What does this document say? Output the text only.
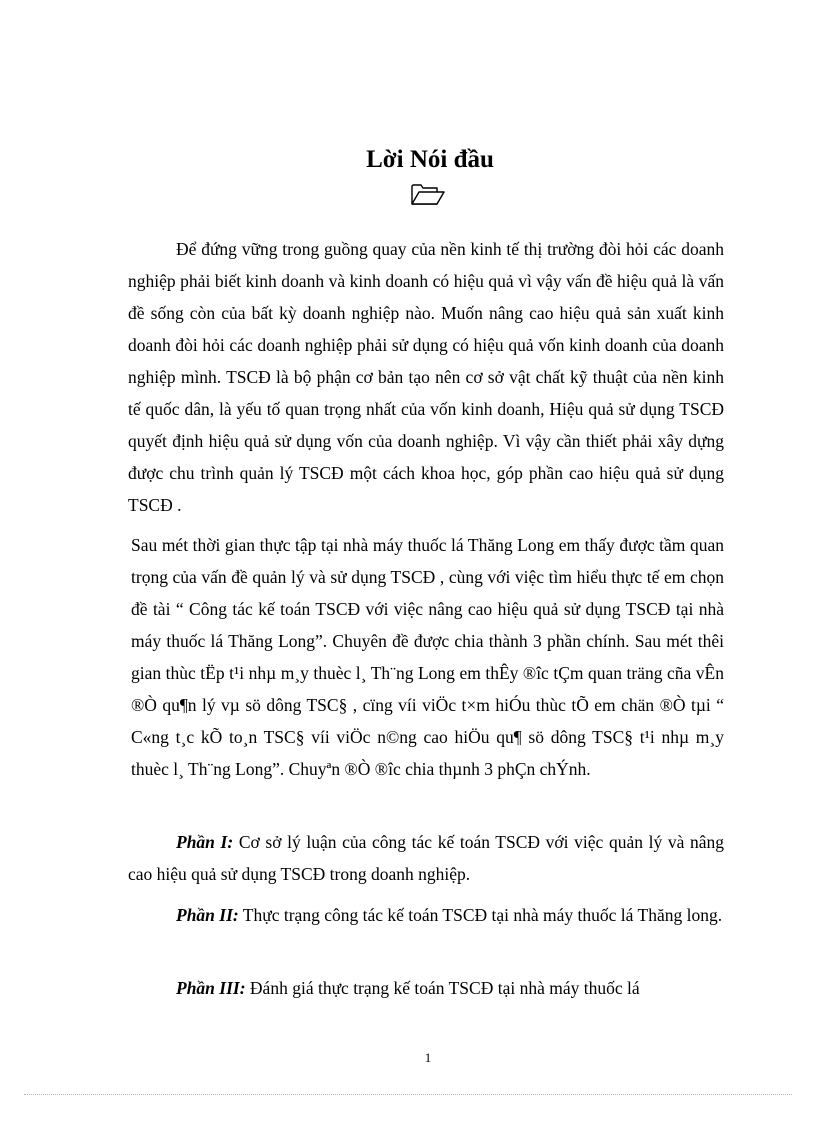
Lời Nói đầu

Để đứng vững trong guồng quay của nền kinh tế thị trường đòi hỏi các doanh nghiệp phải biết kinh doanh và kinh doanh có hiệu quả vì vậy vấn đề hiệu quả là vấn đề sống còn của bất kỳ doanh nghiệp nào. Muốn nâng cao hiệu quả sản xuất kinh doanh đòi hỏi các doanh nghiệp phải sử dụng có hiệu quả vốn kinh doanh của doanh nghiệp mình. TSCĐ là bộ phận cơ bản tạo nên cơ sở vật chất kỹ thuật của nền kinh tế quốc dân, là yếu tố quan trọng nhất của vốn kinh doanh, Hiệu quả sử dụng TSCĐ quyết định hiệu quả sử dụng vốn của doanh nghiệp. Vì vậy cần thiết phải xây dựng được chu trình quản lý TSCĐ một cách khoa học, góp phần cao hiệu quả sử dụng TSCĐ .

Sau mét thời gian thực tập tại nhà máy thuốc lá Thăng Long em thấy được tầm quan trọng của vấn đề quản lý và sử dụng TSCĐ , cùng với việc tìm hiểu thực tế em chọn đề tài “ Công tác kế toán TSCĐ với việc nâng cao hiệu quả sử dụng TSCĐ tại nhà máy thuốc lá Thăng Long”. Chuyên đề được chia thành 3 phần chính. Sau mét thêi gian thùc tËp t¹i nhµ m¸y thuèc l¸ Th¨ng Long em thÊy ®îc tÇm quan träng cña vÊn ®Ò qu¶n lý vµ sö dông TSC§ , cïng víi viÖc t×m hiÓu thùc tÕ em chän ®Ò tµi “ C«ng t¸c kÕ to¸n TSC§ víi viÖc n©ng cao hiÖu qu¶ sö dông TSC§ t¹i nhµ m¸y thuèc l¸ Th¨ng Long”. Chuyªn ®Ò ®îc chia thµnh 3 phÇn chÝnh.

Phần I: Cơ sở lý luận của công tác kế toán TSCĐ với việc quản lý và nâng cao hiệu quả sử dụng TSCĐ trong doanh nghiệp.

Phần II: Thực trạng công tác kế toán TSCĐ tại nhà máy thuốc lá Thăng long.

Phần III: Đánh giá thực trạng kế toán TSCĐ tại nhà máy thuốc lá

1
